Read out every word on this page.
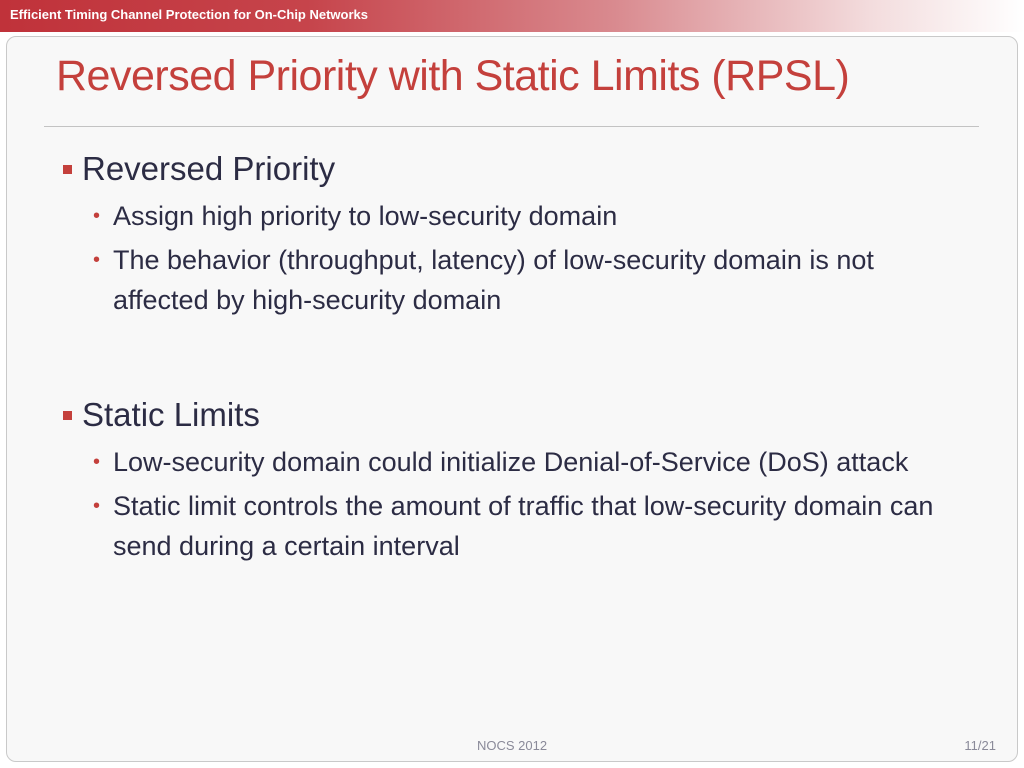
Efficient Timing Channel Protection for On-Chip Networks
Reversed Priority with Static Limits (RPSL)
Reversed Priority
• Assign high priority to low-security domain
• The behavior (throughput, latency) of low-security domain is not affected by high-security domain
Static Limits
• Low-security domain could initialize Denial-of-Service (DoS) attack
• Static limit controls the amount of traffic that low-security domain can send during a certain interval
NOCS 2012	11/21
